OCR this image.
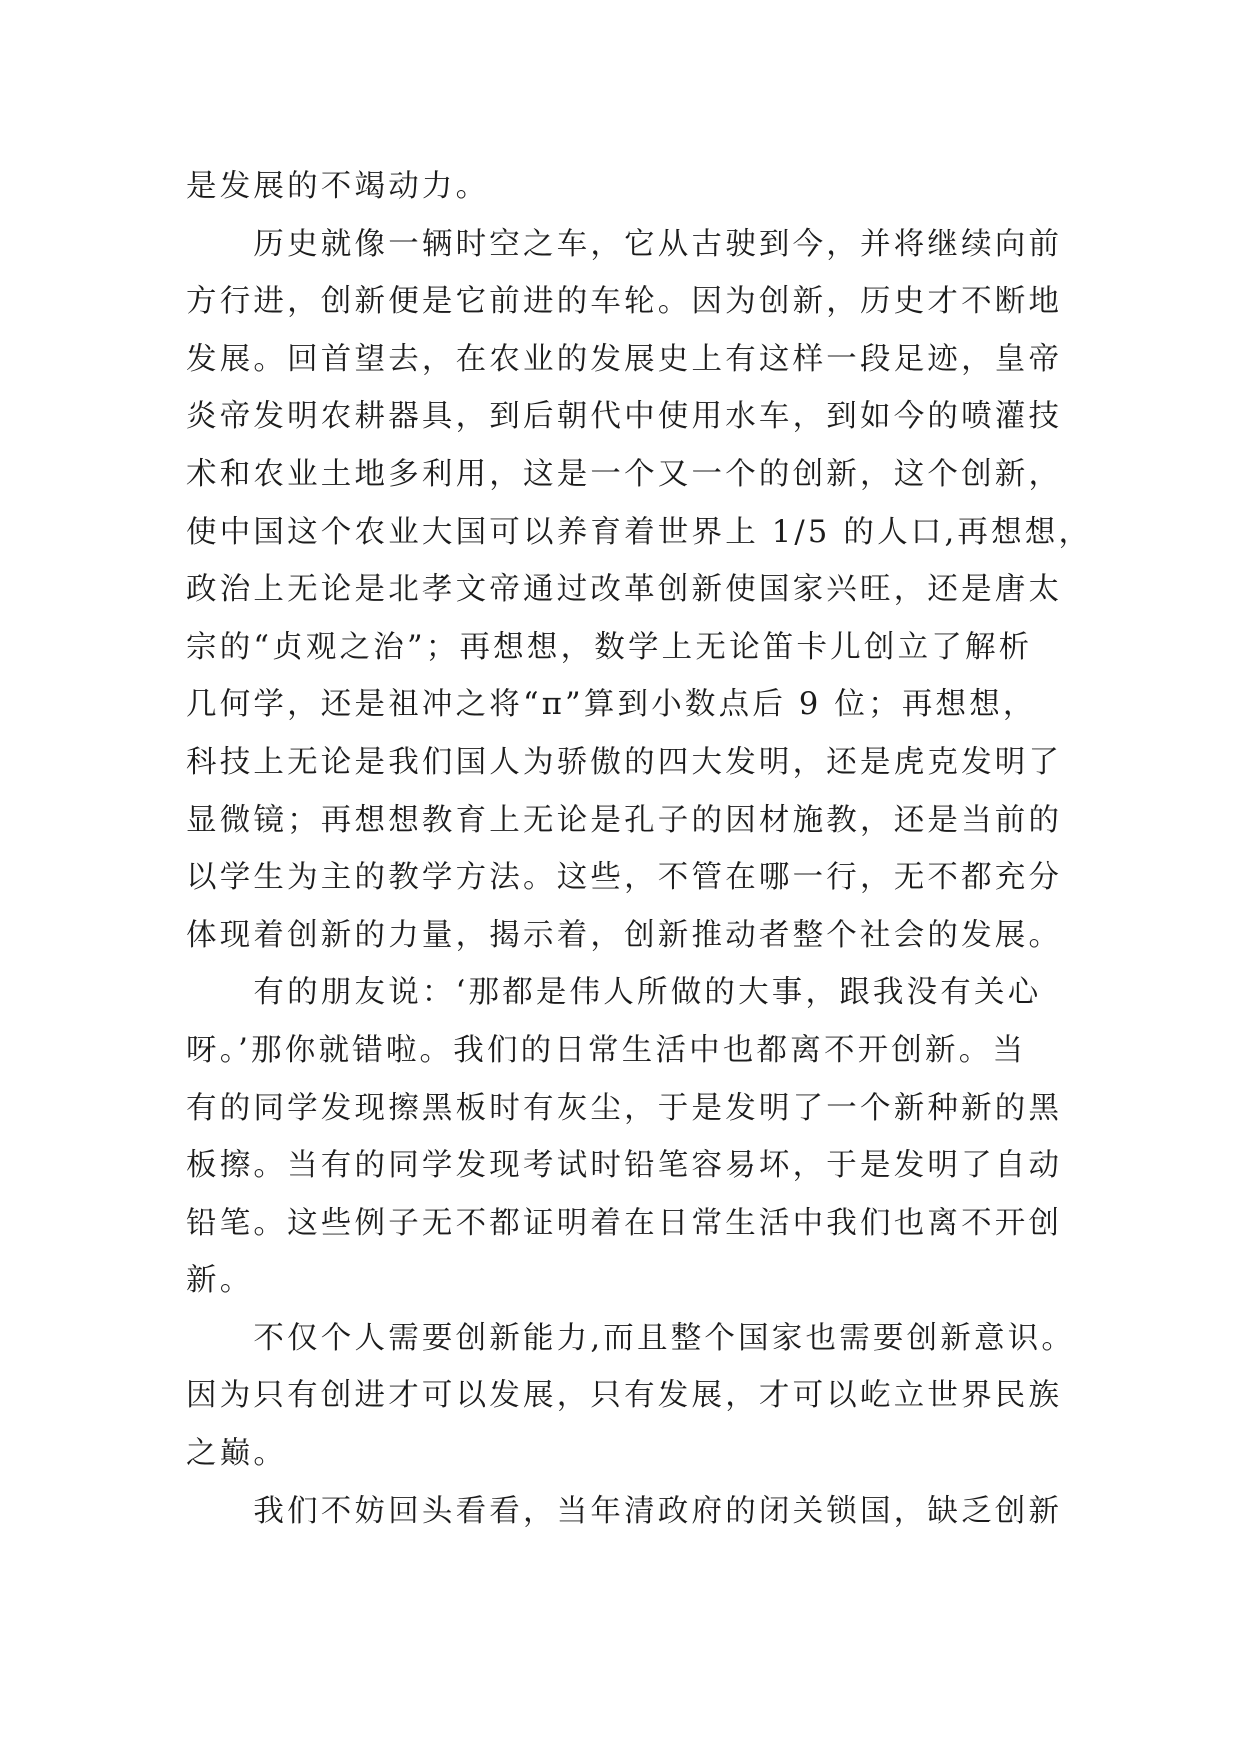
是发展的不竭动力。
　　历史就像一辆时空之车，它从古驶到今，并将继续向前
方行进，创新便是它前进的车轮。因为创新，历史才不断地
发展。回首望去，在农业的发展史上有这样一段足迹，皇帝
炎帝发明农耕器具，到后朝代中使用水车，到如今的喷灌技
术和农业土地多利用，这是一个又一个的创新，这个创新，
使中国这个农业大国可以养育着世界上 1/5 的人口,再想想，
政治上无论是北孝文帝通过改革创新使国家兴旺，还是唐太
宗的“贞观之治”；再想想，数学上无论笛卡儿创立了解析
几何学，还是祖冲之将“π”算到小数点后 9 位；再想想，
科技上无论是我们国人为骄傲的四大发明，还是虎克发明了
显微镜；再想想教育上无论是孔子的因材施教，还是当前的
以学生为主的教学方法。这些，不管在哪一行，无不都充分
体现着创新的力量，揭示着，创新推动者整个社会的发展。
　　有的朋友说：‘那都是伟人所做的大事，跟我没有关心
呀。’那你就错啦。我们的日常生活中也都离不开创新。当
有的同学发现擦黑板时有灰尘，于是发明了一个新种新的黑
板擦。当有的同学发现考试时铅笔容易坏，于是发明了自动
铅笔。这些例子无不都证明着在日常生活中我们也离不开创
新。
　　不仅个人需要创新能力,而且整个国家也需要创新意识。
因为只有创进才可以发展，只有发展，才可以屹立世界民族
之巅。
　　我们不妨回头看看，当年清政府的闭关锁国，缺乏创新
